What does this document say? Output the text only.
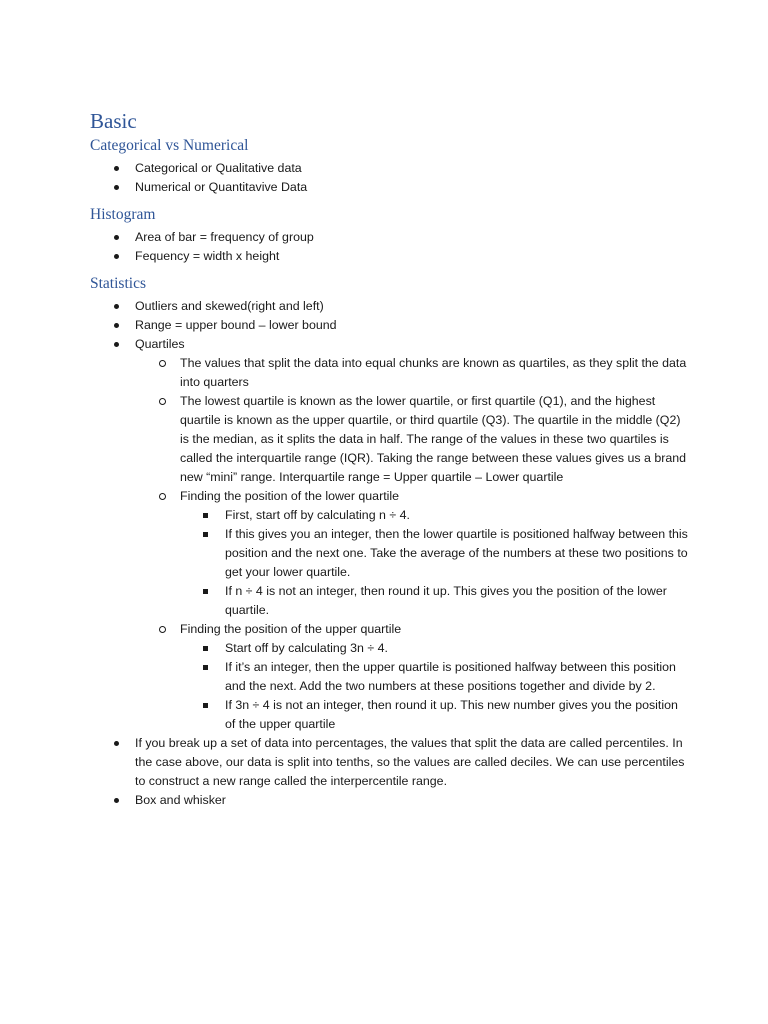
Basic
Categorical vs Numerical
Categorical or Qualitative data
Numerical or Quantitavive Data
Histogram
Area of bar = frequency of group
Fequency = width x height
Statistics
Outliers and skewed(right and left)
Range = upper bound – lower bound
Quartiles
The values that split the data into equal chunks are known as quartiles, as they split the data into quarters
The lowest quartile is known as the lower quartile, or first quartile (Q1), and the highest quartile is known as the upper quartile, or third quartile (Q3). The quartile in the middle (Q2) is the median, as it splits the data in half. The range of the values in these two quartiles is called the interquartile range (IQR). Taking the range between these values gives us a brand new “mini” range. Interquartile range = Upper quartile – Lower quartile
Finding the position of the lower quartile
First, start off by calculating n ÷ 4.
If this gives you an integer, then the lower quartile is positioned halfway between this position and the next one. Take the average of the numbers at these two positions to get your lower quartile.
If n ÷ 4 is not an integer, then round it up. This gives you the position of the lower quartile.
Finding the position of the upper quartile
Start off by calculating 3n ÷ 4.
If it’s an integer, then the upper quartile is positioned halfway between this position and the next. Add the two numbers at these positions together and divide by 2.
If 3n ÷ 4 is not an integer, then round it up. This new number gives you the position of the upper quartile
If you break up a set of data into percentages, the values that split the data are called percentiles. In the case above, our data is split into tenths, so the values are called deciles. We can use percentiles to construct a new range called the interpercentile range.
Box and whisker
